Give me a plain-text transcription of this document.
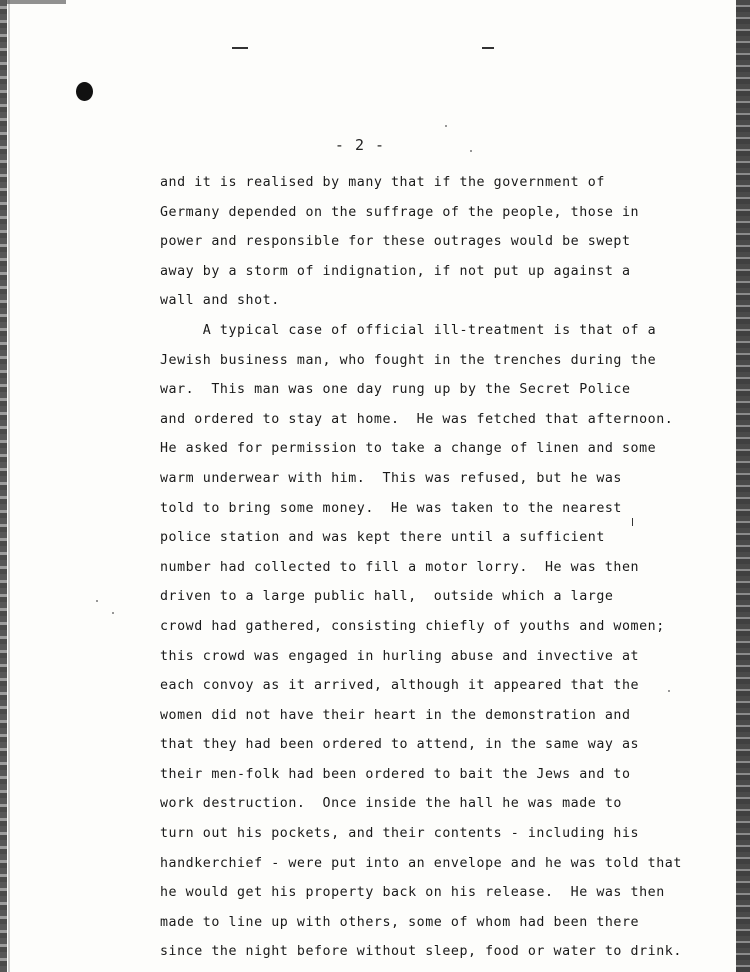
- 2 -
and it is realised by many that if the government of
Germany depended on the suffrage of the people, those in
power and responsible for these outrages would be swept
away by a storm of indignation, if not put up against a
wall and shot.
A typical case of official ill-treatment is that of a
Jewish business man, who fought in the trenches during the
war.  This man was one day rung up by the Secret Police
and ordered to stay at home.  He was fetched that afternoon.
He asked for permission to take a change of linen and some
warm underwear with him.  This was refused, but he was
told to bring some money.  He was taken to the nearest
police station and was kept there until a sufficient
number had collected to fill a motor lorry.  He was then
driven to a large public hall,  outside which a large
crowd had gathered, consisting chiefly of youths and women;
this crowd was engaged in hurling abuse and invective at
each convoy as it arrived, although it appeared that the
women did not have their heart in the demonstration and
that they had been ordered to attend, in the same way as
their men-folk had been ordered to bait the Jews and to
work destruction.  Once inside the hall he was made to
turn out his pockets, and their contents - including his
handkerchief - were put into an envelope and he was told that
he would get his property back on his release.  He was then
made to line up with others, some of whom had been there
since the night before without sleep, food or water to drink.
